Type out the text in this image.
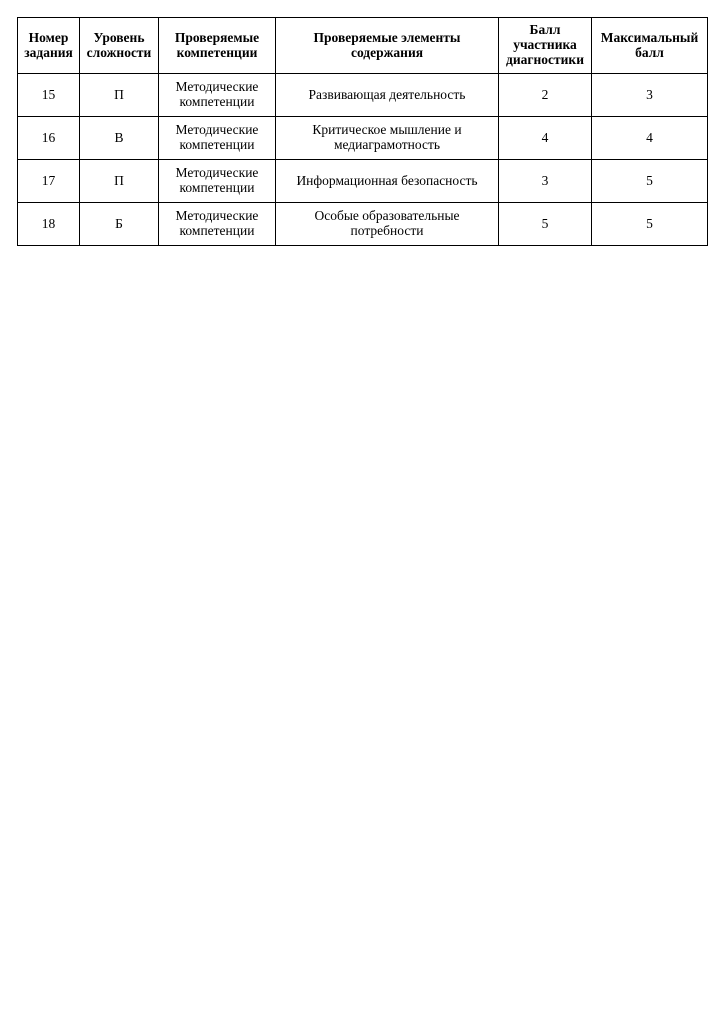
Номер задания	Уровень сложности	Проверяемые компетенции	Проверяемые элементы содержания	Балл участника диагностики	Максимальный балл
15	П	Методические компетенции	Развивающая деятельность	2	3
16	В	Методические компетенции	Критическое мышление и медиаграмотность	4	4
17	П	Методические компетенции	Информационная безопасность	3	5
18	Б	Методические компетенции	Особые образовательные потребности	5	5
